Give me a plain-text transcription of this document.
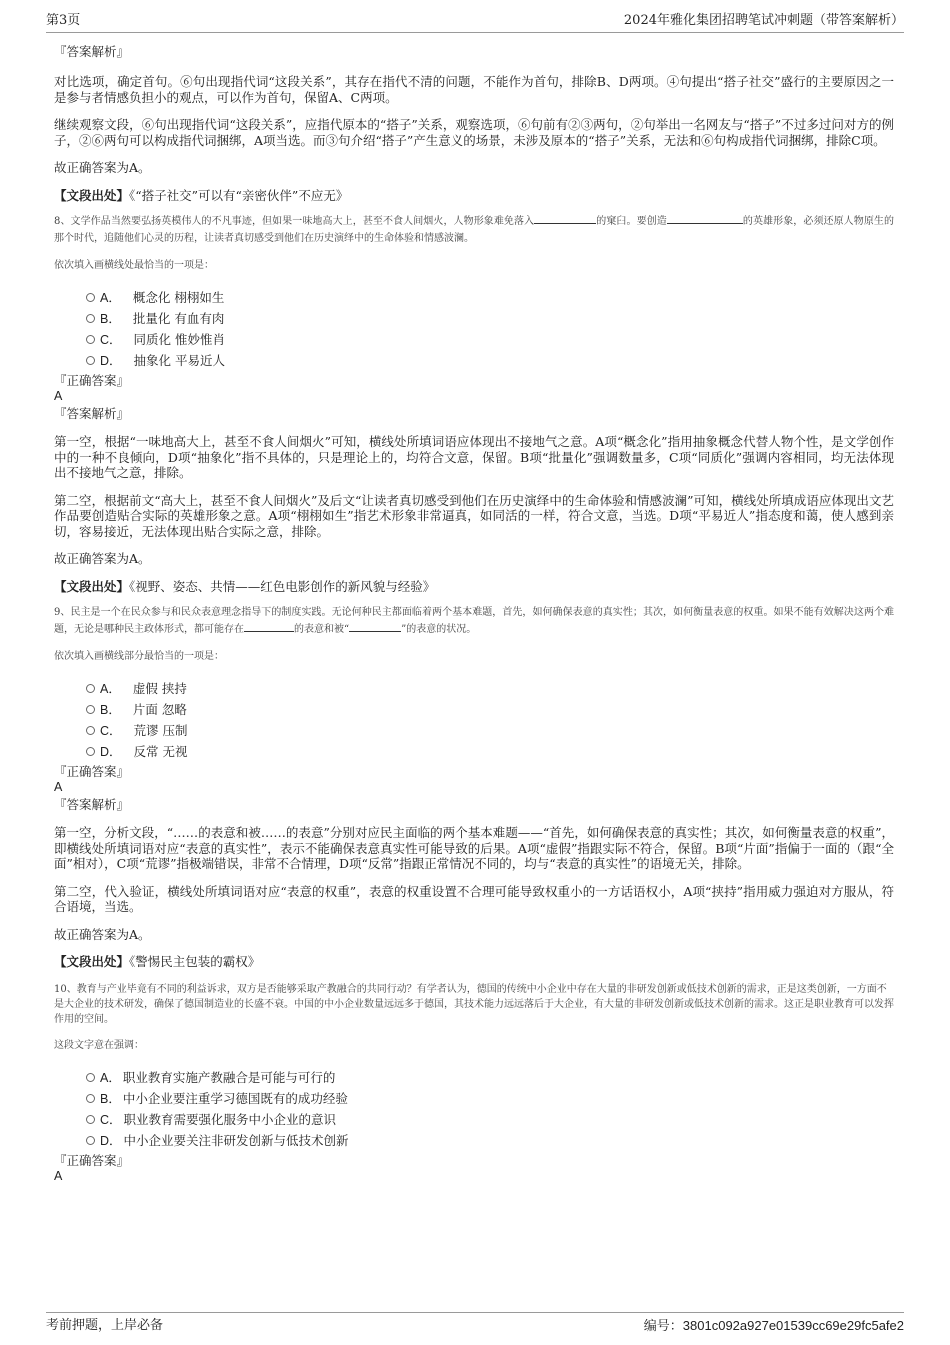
第3页	2024年雅化集团招聘笔试冲刺题（带答案解析）

『答案解析』

对比选项，确定首句。⑥句出现指代词“这段关系”，其存在指代不清的问题，不能作为首句，排除B、D两项。④句提出“搭子社交”盛行的主要原因之一是参与者情感负担小的观点，可以作为首句，保留A、C两项。

继续观察文段，⑥句出现指代词“这段关系”，应指代原本的“搭子”关系，观察选项，⑥句前有②③两句，②句举出一名网友与“搭子”不过多过问对方的例子，②⑥两句可以构成指代词捆绑，A项当选。而③句介绍“搭子”产生意义的场景，未涉及原本的“搭子”关系，无法和⑥句构成指代词捆绑，排除C项。

故正确答案为A。

【文段出处】《“搭子社交”可以有“亲密伙伴”不应无》

8、文学作品当然要弘扬英模伟人的不凡事迹，但如果一味地高大上，甚至不食人间烟火，人物形象难免落入	的窠臼。要创造	的英雄形象，必须还原人物原生的那个时代，追随他们心灵的历程，让读者真切感受到他们在历史演绎中的生命体验和情感波澜。

依次填入画横线处最恰当的一项是：

A． 概念化 栩栩如生
B． 批量化 有血有肉
C． 同质化 惟妙惟肖
D． 抽象化 平易近人

『正确答案』

A

『答案解析』

第一空，根据“一味地高大上，甚至不食人间烟火”可知，横线处所填词语应体现出不接地气之意。A项“概念化”指用抽象概念代替人物个性，是文学创作中的一种不良倾向，D项“抽象化”指不具体的，只是理论上的，均符合文意，保留。B项“批量化”强调数量多，C项“同质化”强调内容相同，均无法体现出不接地气之意，排除。

第二空，根据前文“高大上，甚至不食人间烟火”及后文“让读者真切感受到他们在历史演绎中的生命体验和情感波澜”可知，横线处所填成语应体现出文艺作品要创造贴合实际的英雄形象之意。A项“栩栩如生”指艺术形象非常逼真，如同活的一样，符合文意，当选。D项“平易近人”指态度和蔼，使人感到亲切，容易接近，无法体现出贴合实际之意，排除。

故正确答案为A。

【文段出处】《视野、姿态、共情——红色电影创作的新风貌与经验》

9、民主是一个在民众参与和民众表意理念指导下的制度实践。无论何种民主都面临着两个基本难题，首先，如何确保表意的真实性；其次，如何衡量表意的权重。如果不能有效解决这两个难题，无论是哪种民主政体形式，都可能存在	的表意和被“	”的表意的状况。

依次填入画横线部分最恰当的一项是：

A． 虚假 挟持
B． 片面 忽略
C． 荒谬 压制
D． 反常 无视

『正确答案』

A

『答案解析』

第一空，分析文段，“……的表意和被……的表意”分别对应民主面临的两个基本难题——“首先，如何确保表意的真实性；其次，如何衡量表意的权重”，即横线处所填词语对应“表意的真实性”，表示不能确保表意真实性可能导致的后果。A项“虚假”指跟实际不符合，保留。B项“片面”指偏于一面的（跟“全面”相对），C项“荒谬”指极端错误，非常不合情理，D项“反常”指跟正常情况不同的，均与“表意的真实性”的语境无关，排除。

第二空，代入验证，横线处所填词语对应“表意的权重”，表意的权重设置不合理可能导致权重小的一方话语权小，A项“挟持”指用威力强迫对方服从，符合语境，当选。

故正确答案为A。

【文段出处】《警惕民主包装的霸权》

10、教育与产业毕竟有不同的利益诉求，双方是否能够采取产教融合的共同行动？有学者认为，德国的传统中小企业中存在大量的非研发创新或低技术创新的需求，正是这类创新，一方面不是大企业的技术研发，确保了德国制造业的长盛不衰。中国的中小企业数量远远多于德国，其技术能力远远落后于大企业，有大量的非研发创新或低技术创新的需求。这正是职业教育可以发挥作用的空间。

这段文字意在强调：

A． 职业教育实施产教融合是可能与可行的
B． 中小企业要注重学习德国既有的成功经验
C． 职业教育需要强化服务中小企业的意识
D． 中小企业要关注非研发创新与低技术创新

『正确答案』

A

考前押题，上岸必备	编号：3801c092a927e01539cc69e29fc5afe2
